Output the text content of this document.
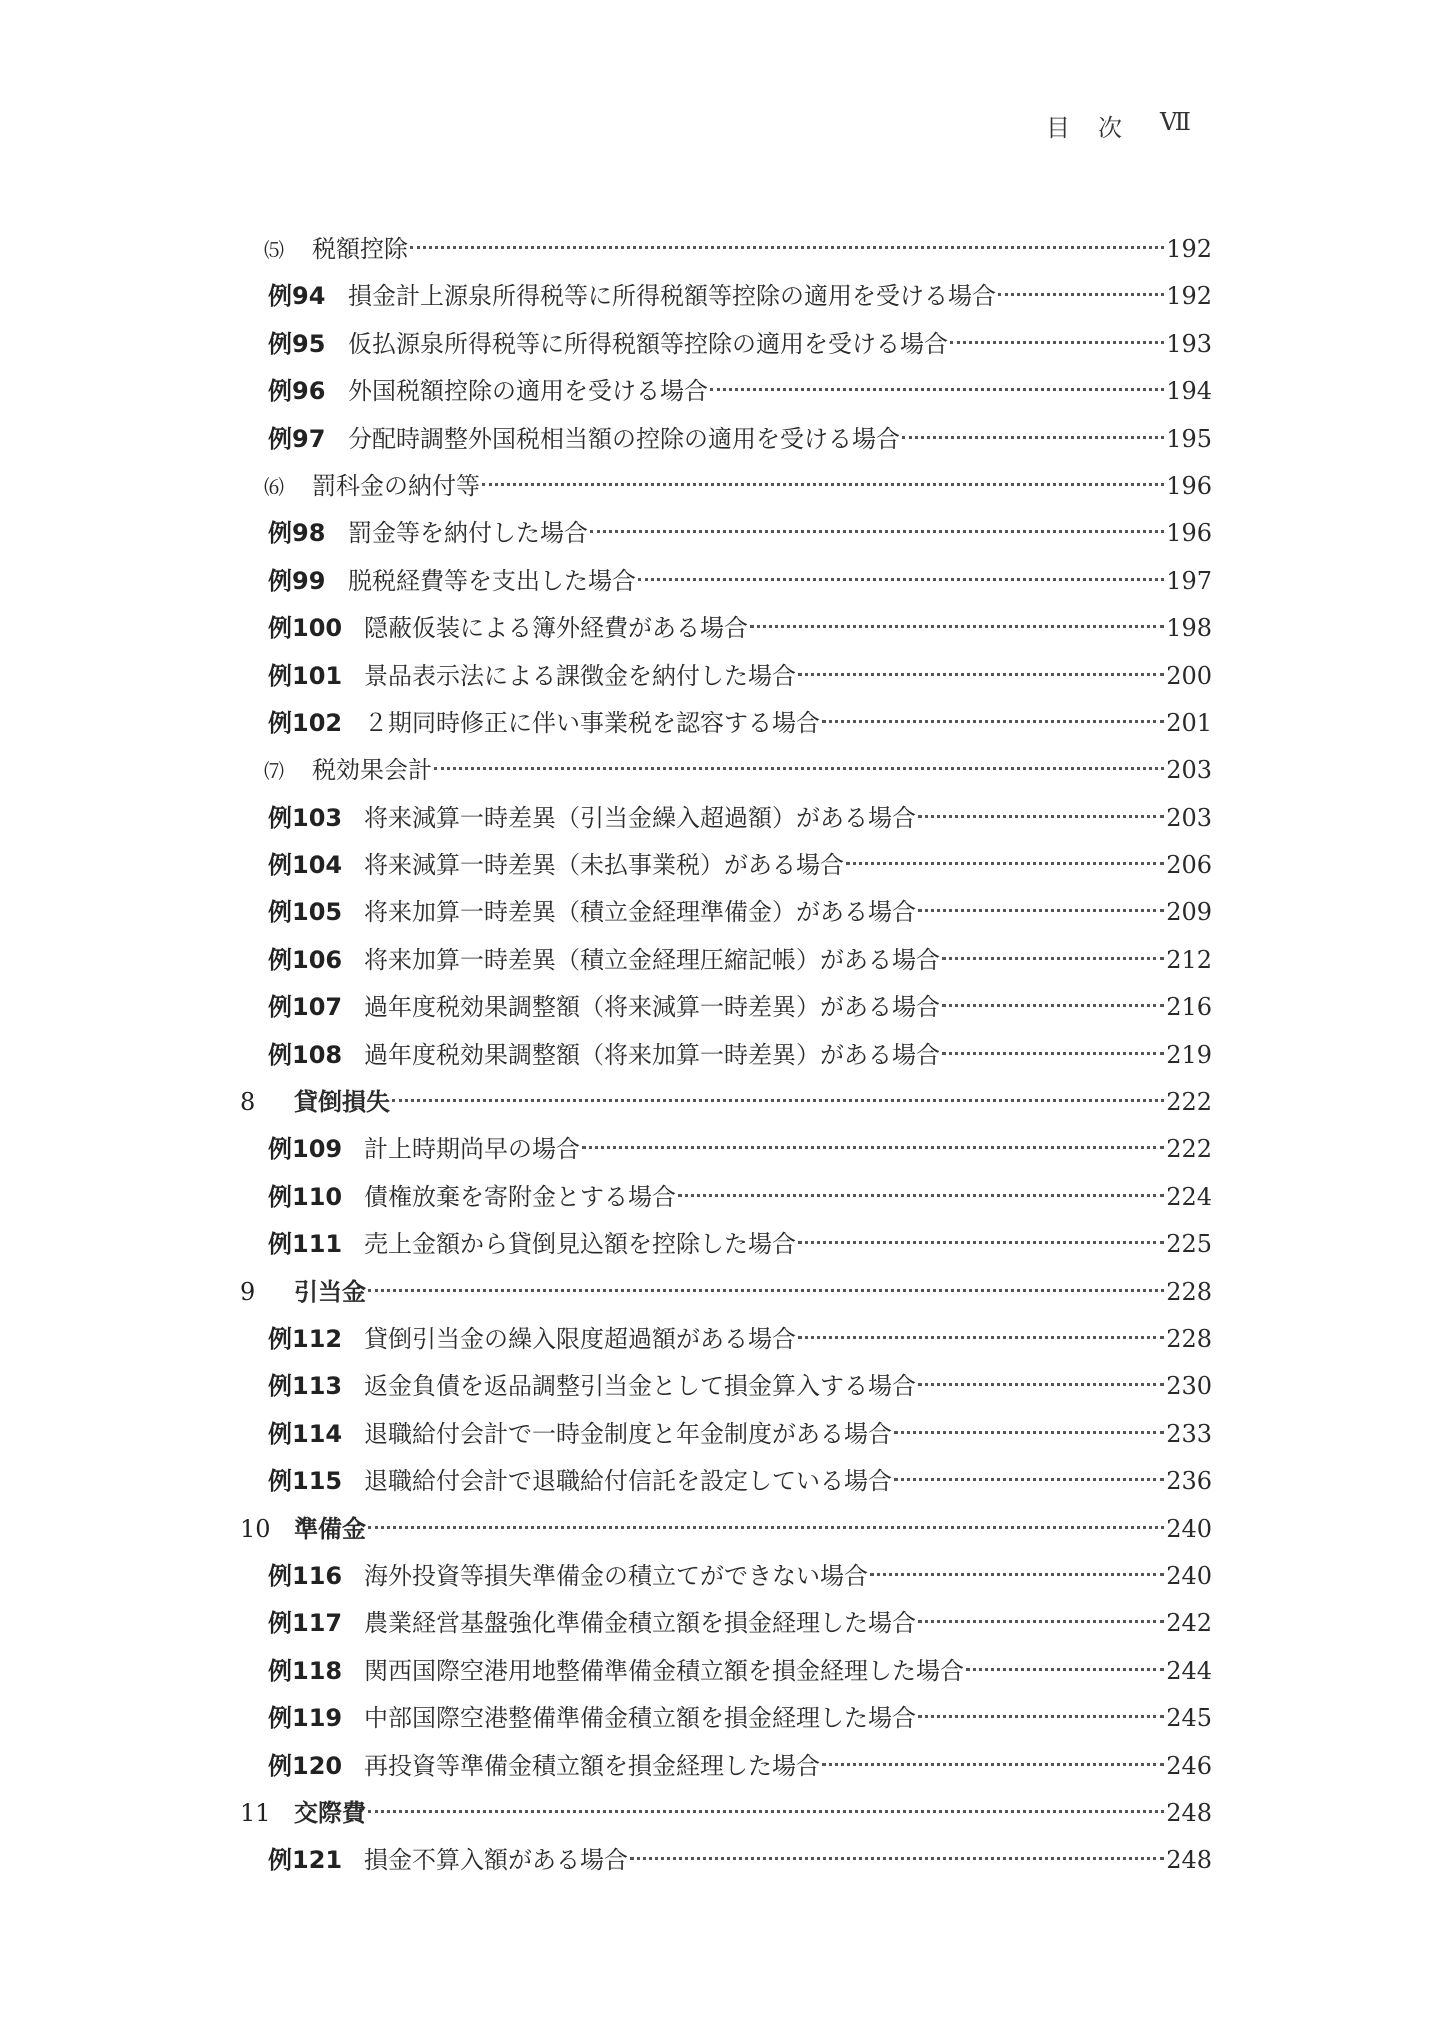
目　次 Ⅶ
⑸	税額控除	192
例94 損金計上源泉所得税等に所得税額等控除の適用を受ける場合	192
例95 仮払源泉所得税等に所得税額等控除の適用を受ける場合	193
例96 外国税額控除の適用を受ける場合	194
例97 分配時調整外国税相当額の控除の適用を受ける場合	195
⑹	罰科金の納付等	196
例98 罰金等を納付した場合	196
例99 脱税経費等を支出した場合	197
例100 隠蔽仮装による簿外経費がある場合	198
例101 景品表示法による課徴金を納付した場合	200
例102 ２期同時修正に伴い事業税を認容する場合	201
⑺	税効果会計	203
例103 将来減算一時差異（引当金繰入超過額）がある場合	203
例104 将来減算一時差異（未払事業税）がある場合	206
例105 将来加算一時差異（積立金経理準備金）がある場合	209
例106 将来加算一時差異（積立金経理圧縮記帳）がある場合	212
例107 過年度税効果調整額（将来減算一時差異）がある場合	216
例108 過年度税効果調整額（将来加算一時差異）がある場合	219
8	貸倒損失	222
例109 計上時期尚早の場合	222
例110 債権放棄を寄附金とする場合	224
例111 売上金額から貸倒見込額を控除した場合	225
9	引当金	228
例112 貸倒引当金の繰入限度超過額がある場合	228
例113 返金負債を返品調整引当金として損金算入する場合	230
例114 退職給付会計で一時金制度と年金制度がある場合	233
例115 退職給付会計で退職給付信託を設定している場合	236
10 準備金	240
例116 海外投資等損失準備金の積立てができない場合	240
例117 農業経営基盤強化準備金積立額を損金経理した場合	242
例118 関西国際空港用地整備準備金積立額を損金経理した場合	244
例119 中部国際空港整備準備金積立額を損金経理した場合	245
例120 再投資等準備金積立額を損金経理した場合	246
11 交際費	248
例121 損金不算入額がある場合	248
